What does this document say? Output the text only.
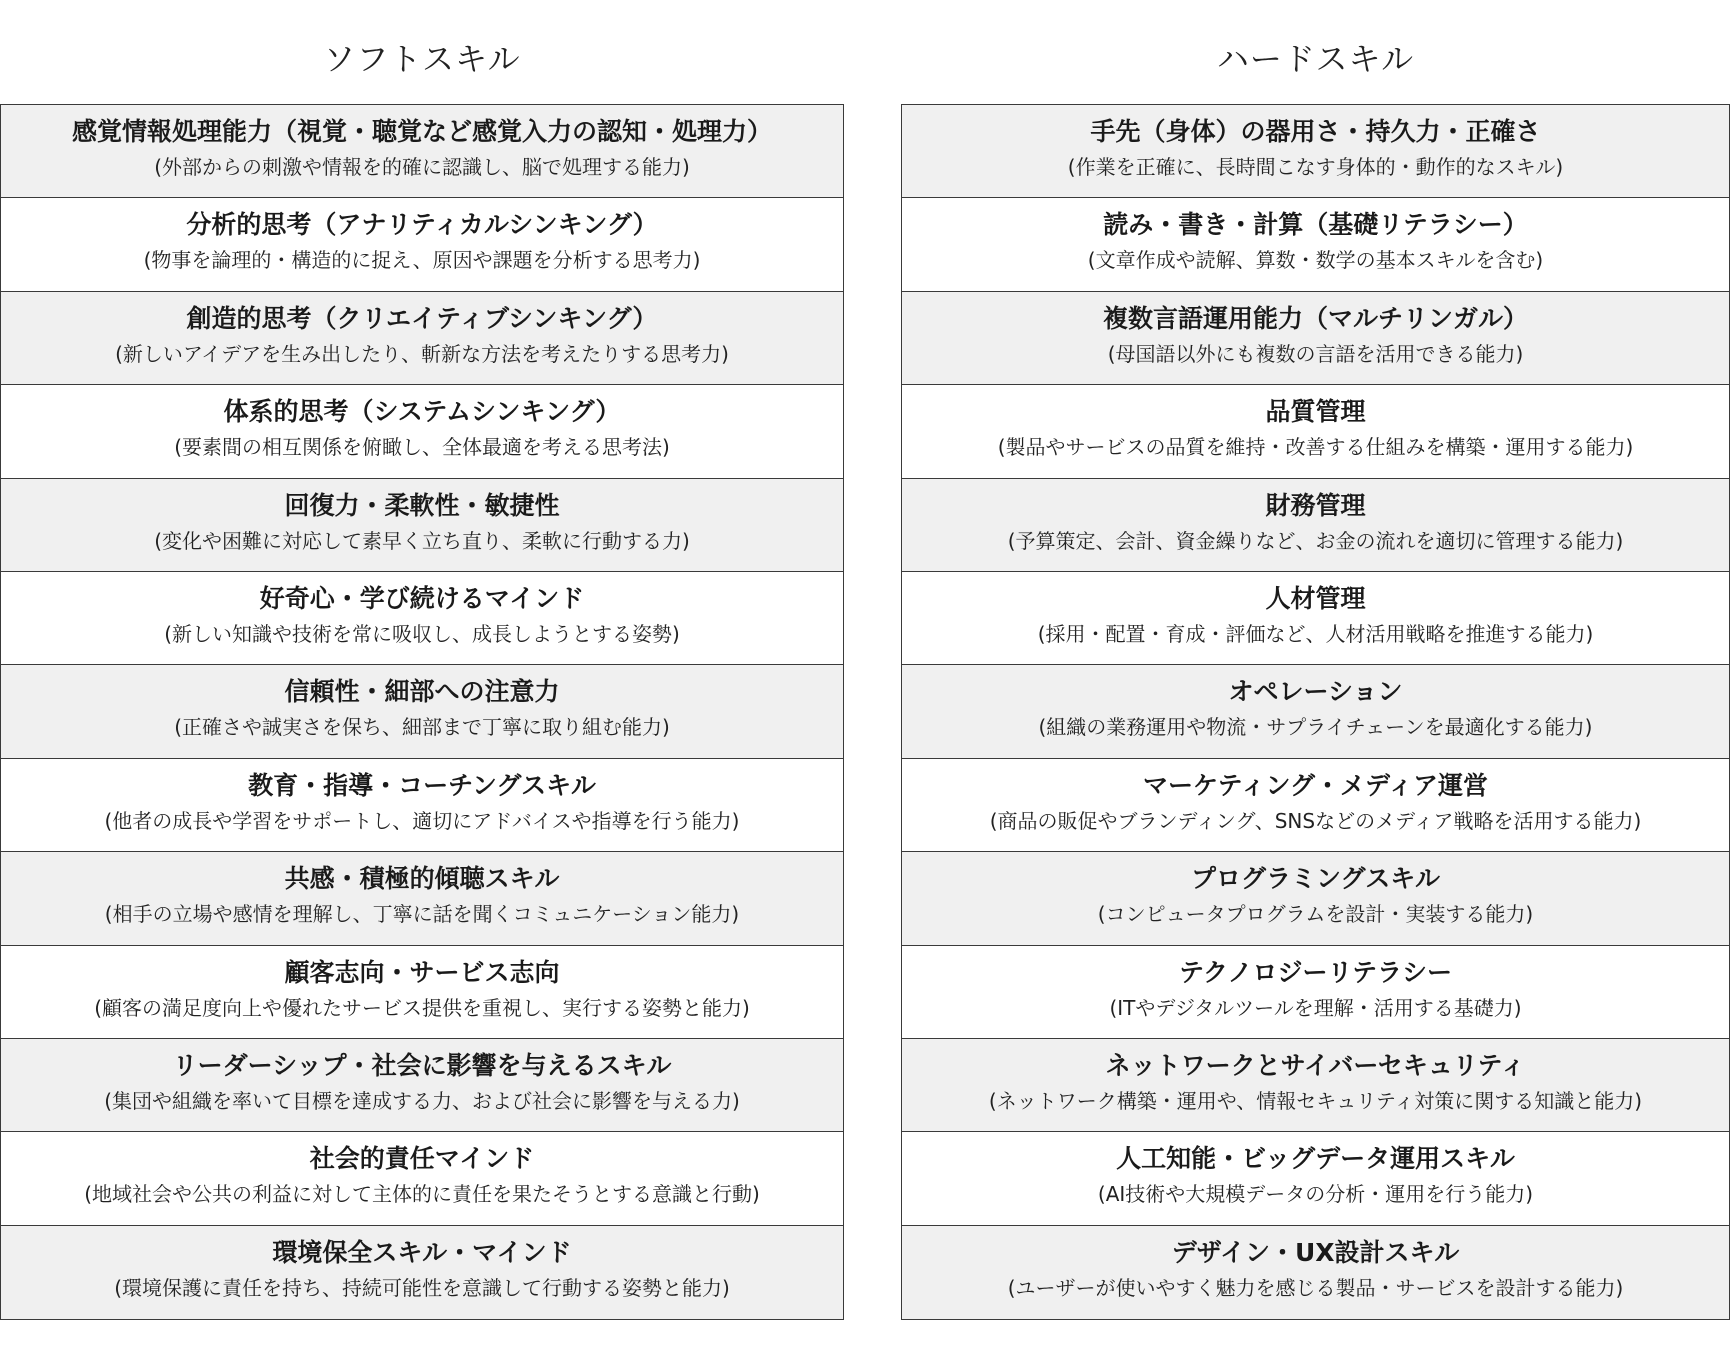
ソフトスキル
感覚情報処理能力（視覚・聴覚など感覚入力の認知・処理力）
(外部からの刺激や情報を的確に認識し、脳で処理する能力)
分析的思考（アナリティカルシンキング）
(物事を論理的・構造的に捉え、原因や課題を分析する思考力)
創造的思考（クリエイティブシンキング）
(新しいアイデアを生み出したり、斬新な方法を考えたりする思考力)
体系的思考（システムシンキング）
(要素間の相互関係を俯瞰し、全体最適を考える思考法)
回復力・柔軟性・敏捷性
(変化や困難に対応して素早く立ち直り、柔軟に行動する力)
好奇心・学び続けるマインド
(新しい知識や技術を常に吸収し、成長しようとする姿勢)
信頼性・細部への注意力
(正確さや誠実さを保ち、細部まで丁寧に取り組む能力)
教育・指導・コーチングスキル
(他者の成長や学習をサポートし、適切にアドバイスや指導を行う能力)
共感・積極的傾聴スキル
(相手の立場や感情を理解し、丁寧に話を聞くコミュニケーション能力)
顧客志向・サービス志向
(顧客の満足度向上や優れたサービス提供を重視し、実行する姿勢と能力)
リーダーシップ・社会に影響を与えるスキル
(集団や組織を率いて目標を達成する力、および社会に影響を与える力)
社会的責任マインド
(地域社会や公共の利益に対して主体的に責任を果たそうとする意識と行動)
環境保全スキル・マインド
(環境保護に責任を持ち、持続可能性を意識して行動する姿勢と能力)
ハードスキル
手先（身体）の器用さ・持久力・正確さ
(作業を正確に、長時間こなす身体的・動作的なスキル)
読み・書き・計算（基礎リテラシー）
(文章作成や読解、算数・数学の基本スキルを含む)
複数言語運用能力（マルチリンガル）
(母国語以外にも複数の言語を活用できる能力)
品質管理
(製品やサービスの品質を維持・改善する仕組みを構築・運用する能力)
財務管理
(予算策定、会計、資金繰りなど、お金の流れを適切に管理する能力)
人材管理
(採用・配置・育成・評価など、人材活用戦略を推進する能力)
オペレーション
(組織の業務運用や物流・サプライチェーンを最適化する能力)
マーケティング・メディア運営
(商品の販促やブランディング、SNSなどのメディア戦略を活用する能力)
プログラミングスキル
(コンピュータプログラムを設計・実装する能力)
テクノロジーリテラシー
(ITやデジタルツールを理解・活用する基礎力)
ネットワークとサイバーセキュリティ
(ネットワーク構築・運用や、情報セキュリティ対策に関する知識と能力)
人工知能・ビッグデータ運用スキル
(AI技術や大規模データの分析・運用を行う能力)
デザイン・UX設計スキル
(ユーザーが使いやすく魅力を感じる製品・サービスを設計する能力)
